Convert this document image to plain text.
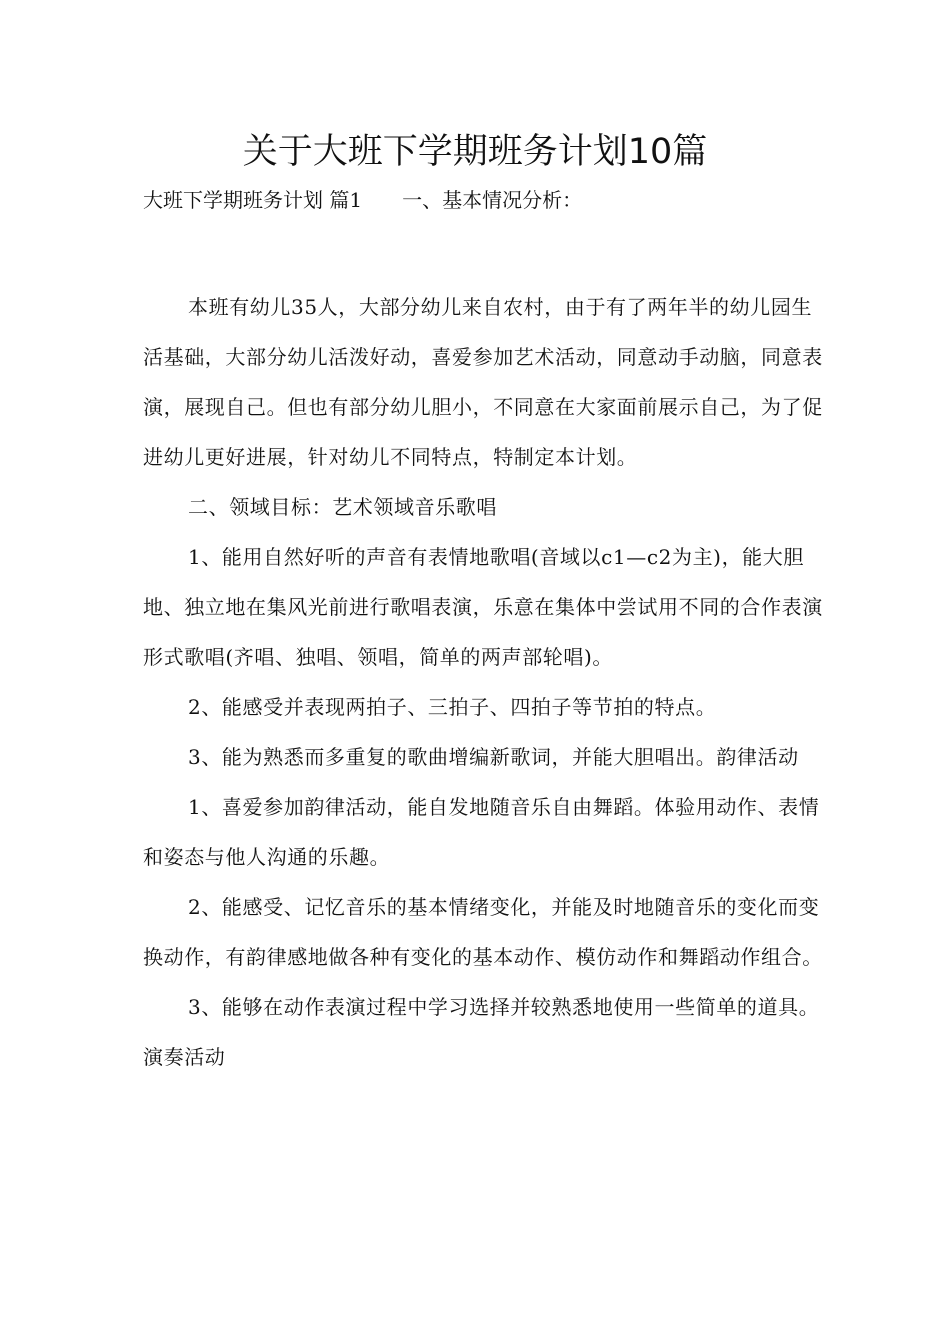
关于大班下学期班务计划10篇
大班下学期班务计划 篇1　　一、基本情况分析：

本班有幼儿35人，大部分幼儿来自农村，由于有了两年半的幼儿园生活基础，大部分幼儿活泼好动，喜爱参加艺术活动，同意动手动脑，同意表演，展现自己。但也有部分幼儿胆小，不同意在大家面前展示自己，为了促进幼儿更好进展，针对幼儿不同特点，特制定本计划。

二、领域目标：艺术领域音乐歌唱

1、能用自然好听的声音有表情地歌唱(音域以c1—c2为主)，能大胆地、独立地在集风光前进行歌唱表演，乐意在集体中尝试用不同的合作表演形式歌唱(齐唱、独唱、领唱，简单的两声部轮唱)。

2、能感受并表现两拍子、三拍子、四拍子等节拍的特点。

3、能为熟悉而多重复的歌曲增编新歌词，并能大胆唱出。韵律活动

1、喜爱参加韵律活动，能自发地随音乐自由舞蹈。体验用动作、表情和姿态与他人沟通的乐趣。

2、能感受、记忆音乐的基本情绪变化，并能及时地随音乐的变化而变换动作，有韵律感地做各种有变化的基本动作、模仿动作和舞蹈动作组合。

3、能够在动作表演过程中学习选择并较熟悉地使用一些简单的道具。演奏活动
